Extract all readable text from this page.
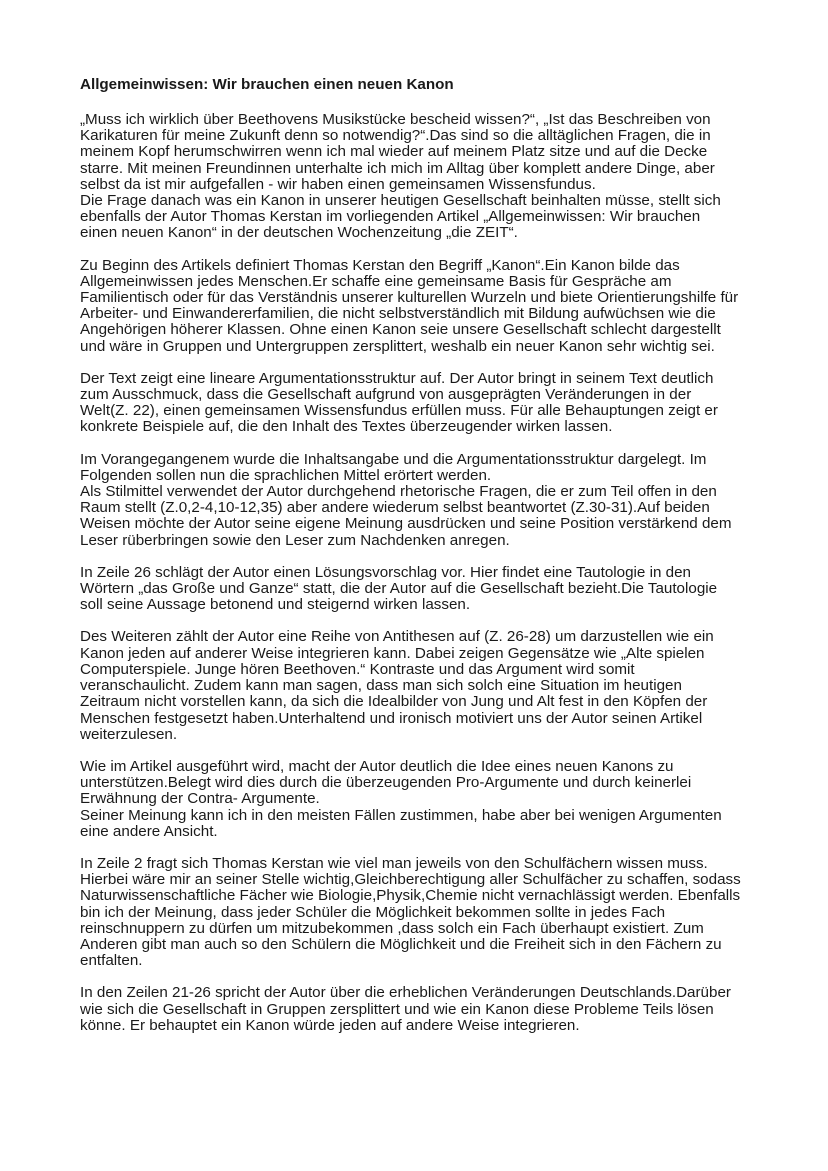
Allgemeinwissen: Wir brauchen einen neuen Kanon
„Muss ich wirklich über Beethovens Musikstücke bescheid wissen?“, „Ist das Beschreiben von
Karikaturen für meine Zukunft denn so notwendig?“.Das sind so die alltäglichen Fragen, die in
meinem Kopf herumschwirren wenn ich mal wieder auf meinem Platz sitze und auf die Decke
starre. Mit meinen Freundinnen unterhalte ich mich im Alltag über komplett andere Dinge, aber
selbst da ist mir aufgefallen - wir haben einen gemeinsamen Wissensfundus.
Die Frage danach was ein Kanon in unserer heutigen Gesellschaft beinhalten müsse, stellt sich
ebenfalls der Autor Thomas Kerstan im vorliegenden Artikel „Allgemeinwissen: Wir brauchen
einen neuen Kanon“ in der deutschen Wochenzeitung „die ZEIT“.
Zu Beginn des Artikels definiert Thomas Kerstan den Begriff „Kanon“.Ein Kanon bilde das
Allgemeinwissen jedes Menschen.Er schaffe eine gemeinsame Basis für Gespräche am
Familientisch oder für das Verständnis unserer kulturellen Wurzeln und biete Orientierungshilfe für
Arbeiter- und Einwandererfamilien, die nicht selbstverständlich mit Bildung aufwüchsen wie die
Angehörigen höherer Klassen. Ohne einen Kanon seie unsere Gesellschaft schlecht dargestellt
und wäre in Gruppen und Untergruppen zersplittert, weshalb ein neuer Kanon sehr wichtig sei.
Der Text zeigt eine lineare Argumentationsstruktur auf. Der Autor bringt in seinem Text deutlich
zum Ausschmuck, dass die Gesellschaft aufgrund von ausgeprägten Veränderungen in der
Welt(Z. 22), einen gemeinsamen Wissensfundus erfüllen muss. Für alle Behauptungen zeigt er
konkrete Beispiele auf, die den Inhalt des Textes überzeugender wirken lassen.
Im Vorangegangenem wurde die Inhaltsangabe und die Argumentationsstruktur dargelegt. Im
Folgenden sollen nun die sprachlichen Mittel erörtert werden.
Als Stilmittel verwendet der Autor durchgehend rhetorische Fragen, die er zum Teil offen in den
Raum stellt (Z.0,2-4,10-12,35) aber andere wiederum selbst beantwortet (Z.30-31).Auf beiden
Weisen möchte der Autor seine eigene Meinung ausdrücken und seine Position verstärkend dem
Leser rüberbringen sowie den Leser zum Nachdenken anregen.
In Zeile 26 schlägt der Autor einen Lösungsvorschlag vor. Hier findet eine Tautologie in den
Wörtern „das Große und Ganze“ statt, die der Autor auf die Gesellschaft bezieht.Die Tautologie
soll seine Aussage betonend und steigernd wirken lassen.
Des Weiteren zählt der Autor eine Reihe von Antithesen auf (Z. 26-28) um darzustellen wie ein
Kanon jeden auf anderer Weise integrieren kann. Dabei zeigen Gegensätze wie „Alte spielen
Computerspiele. Junge hören Beethoven.“ Kontraste und das Argument wird somit
veranschaulicht. Zudem kann man sagen, dass man sich solch eine Situation im heutigen
Zeitraum nicht vorstellen kann, da sich die Idealbilder von Jung und Alt fest in den Köpfen der
Menschen festgesetzt haben.Unterhaltend und ironisch motiviert uns der Autor seinen Artikel
weiterzulesen.
Wie im Artikel ausgeführt wird, macht der Autor deutlich die Idee eines neuen Kanons zu
unterstützen.Belegt wird dies durch die überzeugenden Pro-Argumente und durch keinerlei
Erwähnung der Contra- Argumente.
Seiner Meinung kann ich in den meisten Fällen zustimmen, habe aber bei wenigen Argumenten
eine andere Ansicht.
In Zeile 2 fragt sich Thomas Kerstan wie viel man jeweils von den Schulfächern wissen muss.
Hierbei wäre mir an seiner Stelle wichtig,Gleichberechtigung aller Schulfächer zu schaffen, sodass
Naturwissenschaftliche Fächer wie Biologie,Physik,Chemie nicht vernachlässigt werden. Ebenfalls
bin ich der Meinung, dass jeder Schüler die Möglichkeit bekommen sollte in jedes Fach
reinschnuppern zu dürfen um mitzubekommen ,dass solch ein Fach überhaupt existiert. Zum
Anderen gibt man auch so den Schülern die Möglichkeit und die Freiheit sich in den Fächern zu
entfalten.
In den Zeilen 21-26 spricht der Autor über die erheblichen Veränderungen Deutschlands.Darüber
wie sich die Gesellschaft in Gruppen zersplittert und wie ein Kanon diese Probleme Teils lösen
könne. Er behauptet ein Kanon würde jeden auf andere Weise integrieren.
